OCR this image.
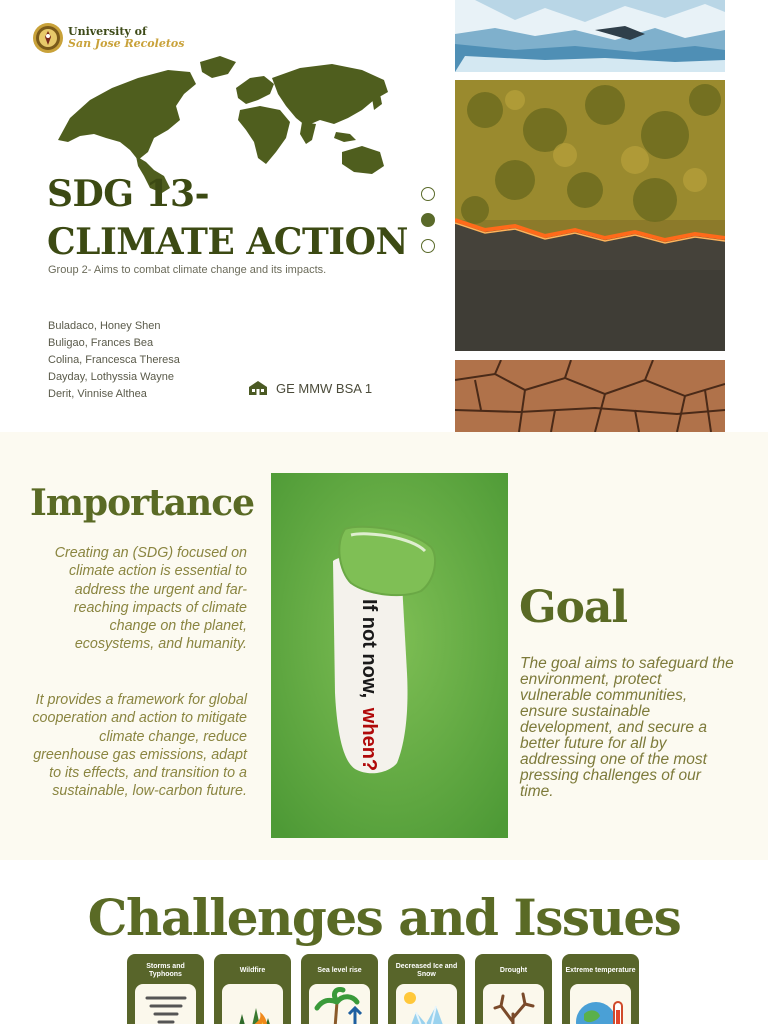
University of
San Jose Recoletos
SDG 13-
CLIMATE ACTION

Group 2- Aims to combat climate change and its impacts.

Buladaco, Honey Shen
Buligao, Frances Bea
Colina, Francesca Theresa
Dayday, Lothyssia Wayne
Derit, Vinnise Althea	GE MMW BSA 1
Importance

Creating an (SDG) focused on climate action is essential to address the urgent and far-reaching impacts of climate change on the planet, ecosystems, and humanity.

It provides a framework for global cooperation and action to mitigate climate change, reduce greenhouse gas emissions, adapt to its effects, and transition to a sustainable, low-carbon future.

If not now, when?
Goal

The goal aims to safeguard the environment, protect vulnerable communities, ensure sustainable development, and secure a better future for all by addressing one of the most pressing challenges of our time.

Challenges and Issues
Storms and Typhoons
Wildfire	Sea level rise
Decreased Ice and Snow
Drought	Extreme temperature
